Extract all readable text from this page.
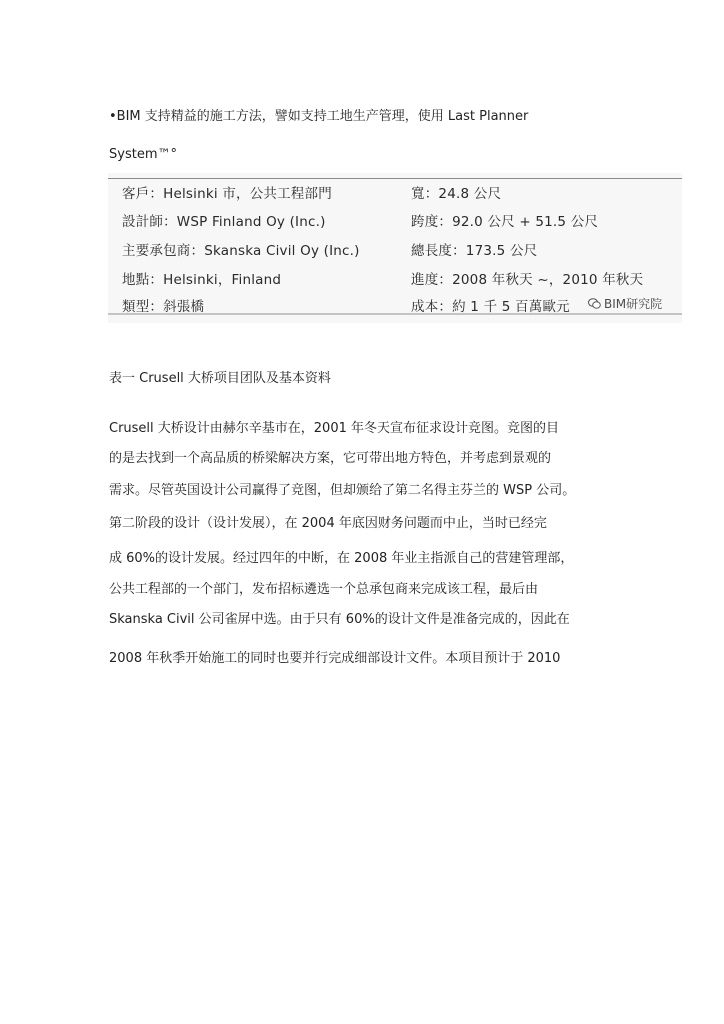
•BIM 支持精益的施工方法，譬如支持工地生产管理，使用 Last Planner

System™°

客戶：Helsinki 市，公共工程部門
設計師：WSP Finland Oy (Inc.)
主要承包商：Skanska Civil Oy (Inc.)
地點：Helsinki，Finland
類型：斜張橋
寬：24.8 公尺
跨度：92.0 公尺 + 51.5 公尺
總長度：173.5 公尺
進度：2008 年秋天 ~，2010 年秋天
成本：約 1 千 5 百萬歐元	BIM研究院

表一 Crusell 大桥项目团队及基本资料

Crusell 大桥设计由赫尔辛基市在，2001 年冬天宣布征求设计竞图。竞图的目

的是去找到一个高品质的桥梁解决方案，它可带出地方特色，并考虑到景观的

需求。尽管英国设计公司赢得了竞图，但却颁给了第二名得主芬兰的 WSP 公司。

第二阶段的设计（设计发展），在 2004 年底因财务问题而中止，当时已经完

成 60%的设计发展。经过四年的中断，在 2008 年业主指派自己的营建管理部，

公共工程部的一个部门，发布招标遴选一个总承包商来完成该工程，最后由

Skanska Civil 公司雀屏中选。由于只有 60%的设计文件是准备完成的，因此在

2008 年秋季开始施工的同时也要并行完成细部设计文件。本项目预计于 2010
